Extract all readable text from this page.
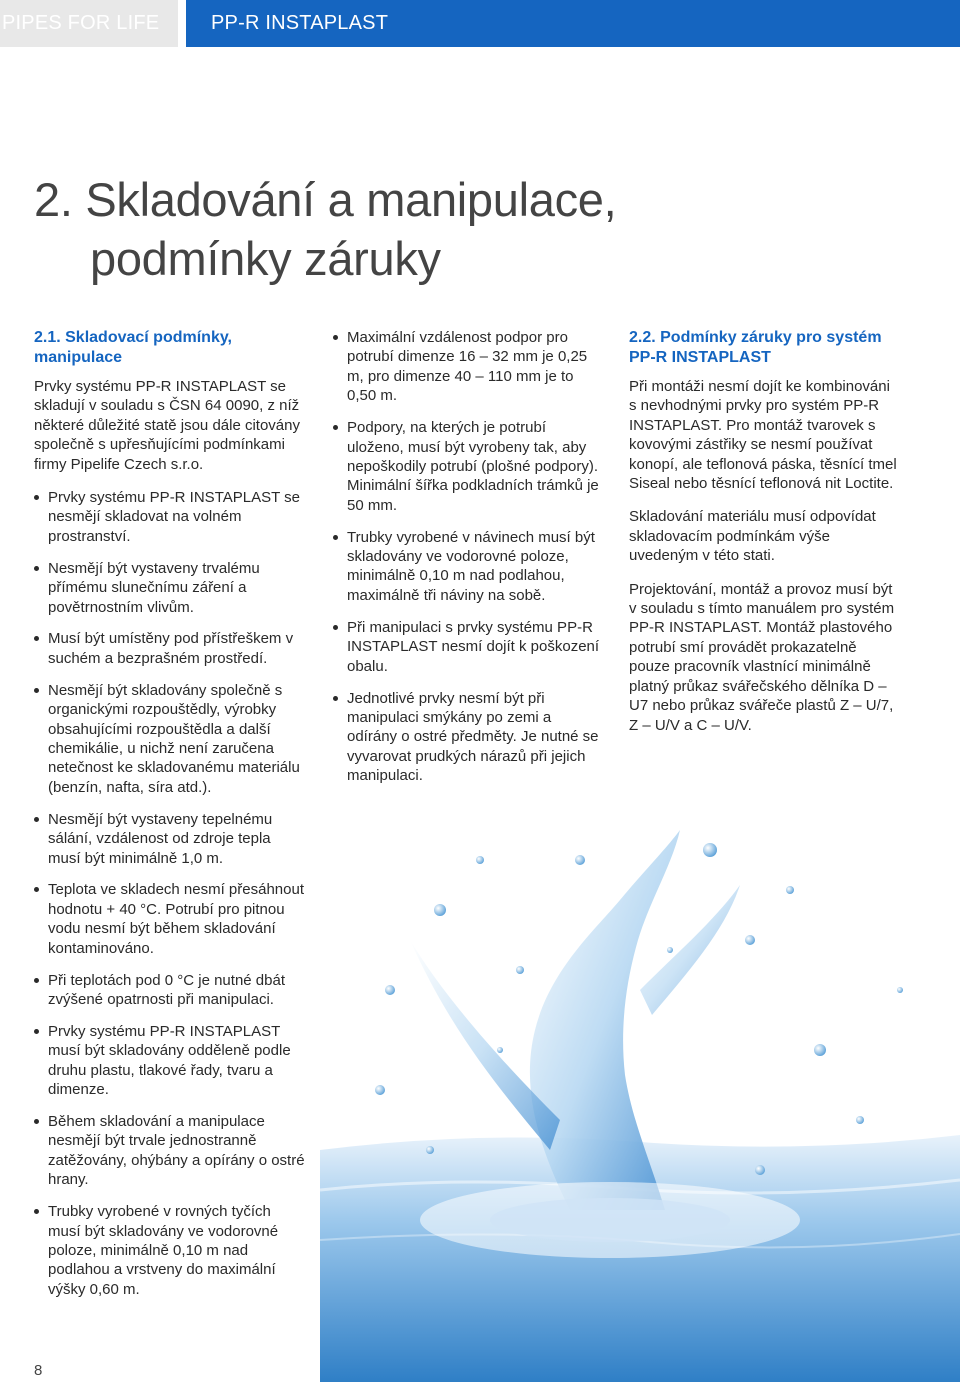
PIPES FOR LIFE	PP-R INSTAPLAST
2. Skladování a manipulace,
podmínky záruky
2.1. Skladovací podmínky, manipulace

Prvky systému PP-R INSTAPLAST se skladují v souladu s ČSN 64 0090, z níž některé důležité statě jsou dále citovány společně s upřesňujícími podmínkami firmy Pipelife Czech s.r.o.

Prvky systému PP-R INSTAPLAST se nesmějí skladovat na volném prostranství.
Nesmějí být vystaveny trvalému přímému slunečnímu záření a povětrnostním vlivům.
Musí být umístěny pod přístřeškem v suchém a bezprašném prostředí.
Nesmějí být skladovány společně s organickými rozpouštědly, výrobky obsahujícími rozpouštědla a další chemikálie, u nichž není zaručena netečnost ke skladovanému materiálu (benzín, nafta, síra atd.).
Nesmějí být vystaveny tepelnému sálání, vzdálenost od zdroje tepla musí být minimálně 1,0 m.
Teplota ve skladech nesmí přesáhnout hodnotu + 40 °C. Potrubí pro pitnou vodu nesmí být během skladování kontaminováno.
Při teplotách pod 0 °C je nutné dbát zvýšené opatrnosti při manipulaci.
Prvky systému PP-R INSTAPLAST musí být skladovány odděleně podle druhu plastu, tlakové řady, tvaru a dimenze.
Během skladování a manipulace nesmějí být trvale jednostranně zatěžovány, ohýbány a opírány o ostré hrany.
Trubky vyrobené v rovných tyčích musí být skladovány ve vodorovné poloze, minimálně 0,10 m nad podlahou a vrstveny do maximální výšky 0,60 m.
Maximální vzdálenost podpor pro potrubí dimenze 16 – 32 mm je 0,25 m, pro dimenze 40 – 110 mm je to 0,50 m.
Podpory, na kterých je potrubí uloženo, musí být vyrobeny tak, aby nepoškodily potrubí (plošné podpory). Minimální šířka podkladních trámků je 50 mm.
Trubky vyrobené v návinech musí být skladovány ve vodorovné poloze, minimálně 0,10 m nad podlahou, maximálně tři náviny na sobě.
Při manipulaci s prvky systému PP-R INSTAPLAST nesmí dojít k poškození obalu.
Jednotlivé prvky nesmí být při manipulaci smýkány po zemi a odírány o ostré předměty. Je nutné se vyvarovat prudkých nárazů při jejich manipulaci.
2.2. Podmínky záruky pro systém PP-R INSTAPLAST

Při montáži nesmí dojít ke kombinováni s nevhodnými prvky pro systém PP-R INSTAPLAST. Pro montáž tvarovek s kovovými zástřiky se nesmí používat konopí, ale teflonová páska, těsnící tmel Siseal nebo těsnící teflonová nit Loctite.

Skladování materiálu musí odpovídat skladovacím podmínkám výše uvedeným v této stati.

Projektování, montáž a provoz musí být v souladu s tímto manuálem pro systém PP-R INSTAPLAST. Montáž plastového potrubí smí provádět prokazatelně pouze pracovník vlastnící minimálně platný průkaz svářečského dělníka D – U7 nebo průkaz svářeče plastů Z – U/7, Z – U/V a C – U/V.

8
